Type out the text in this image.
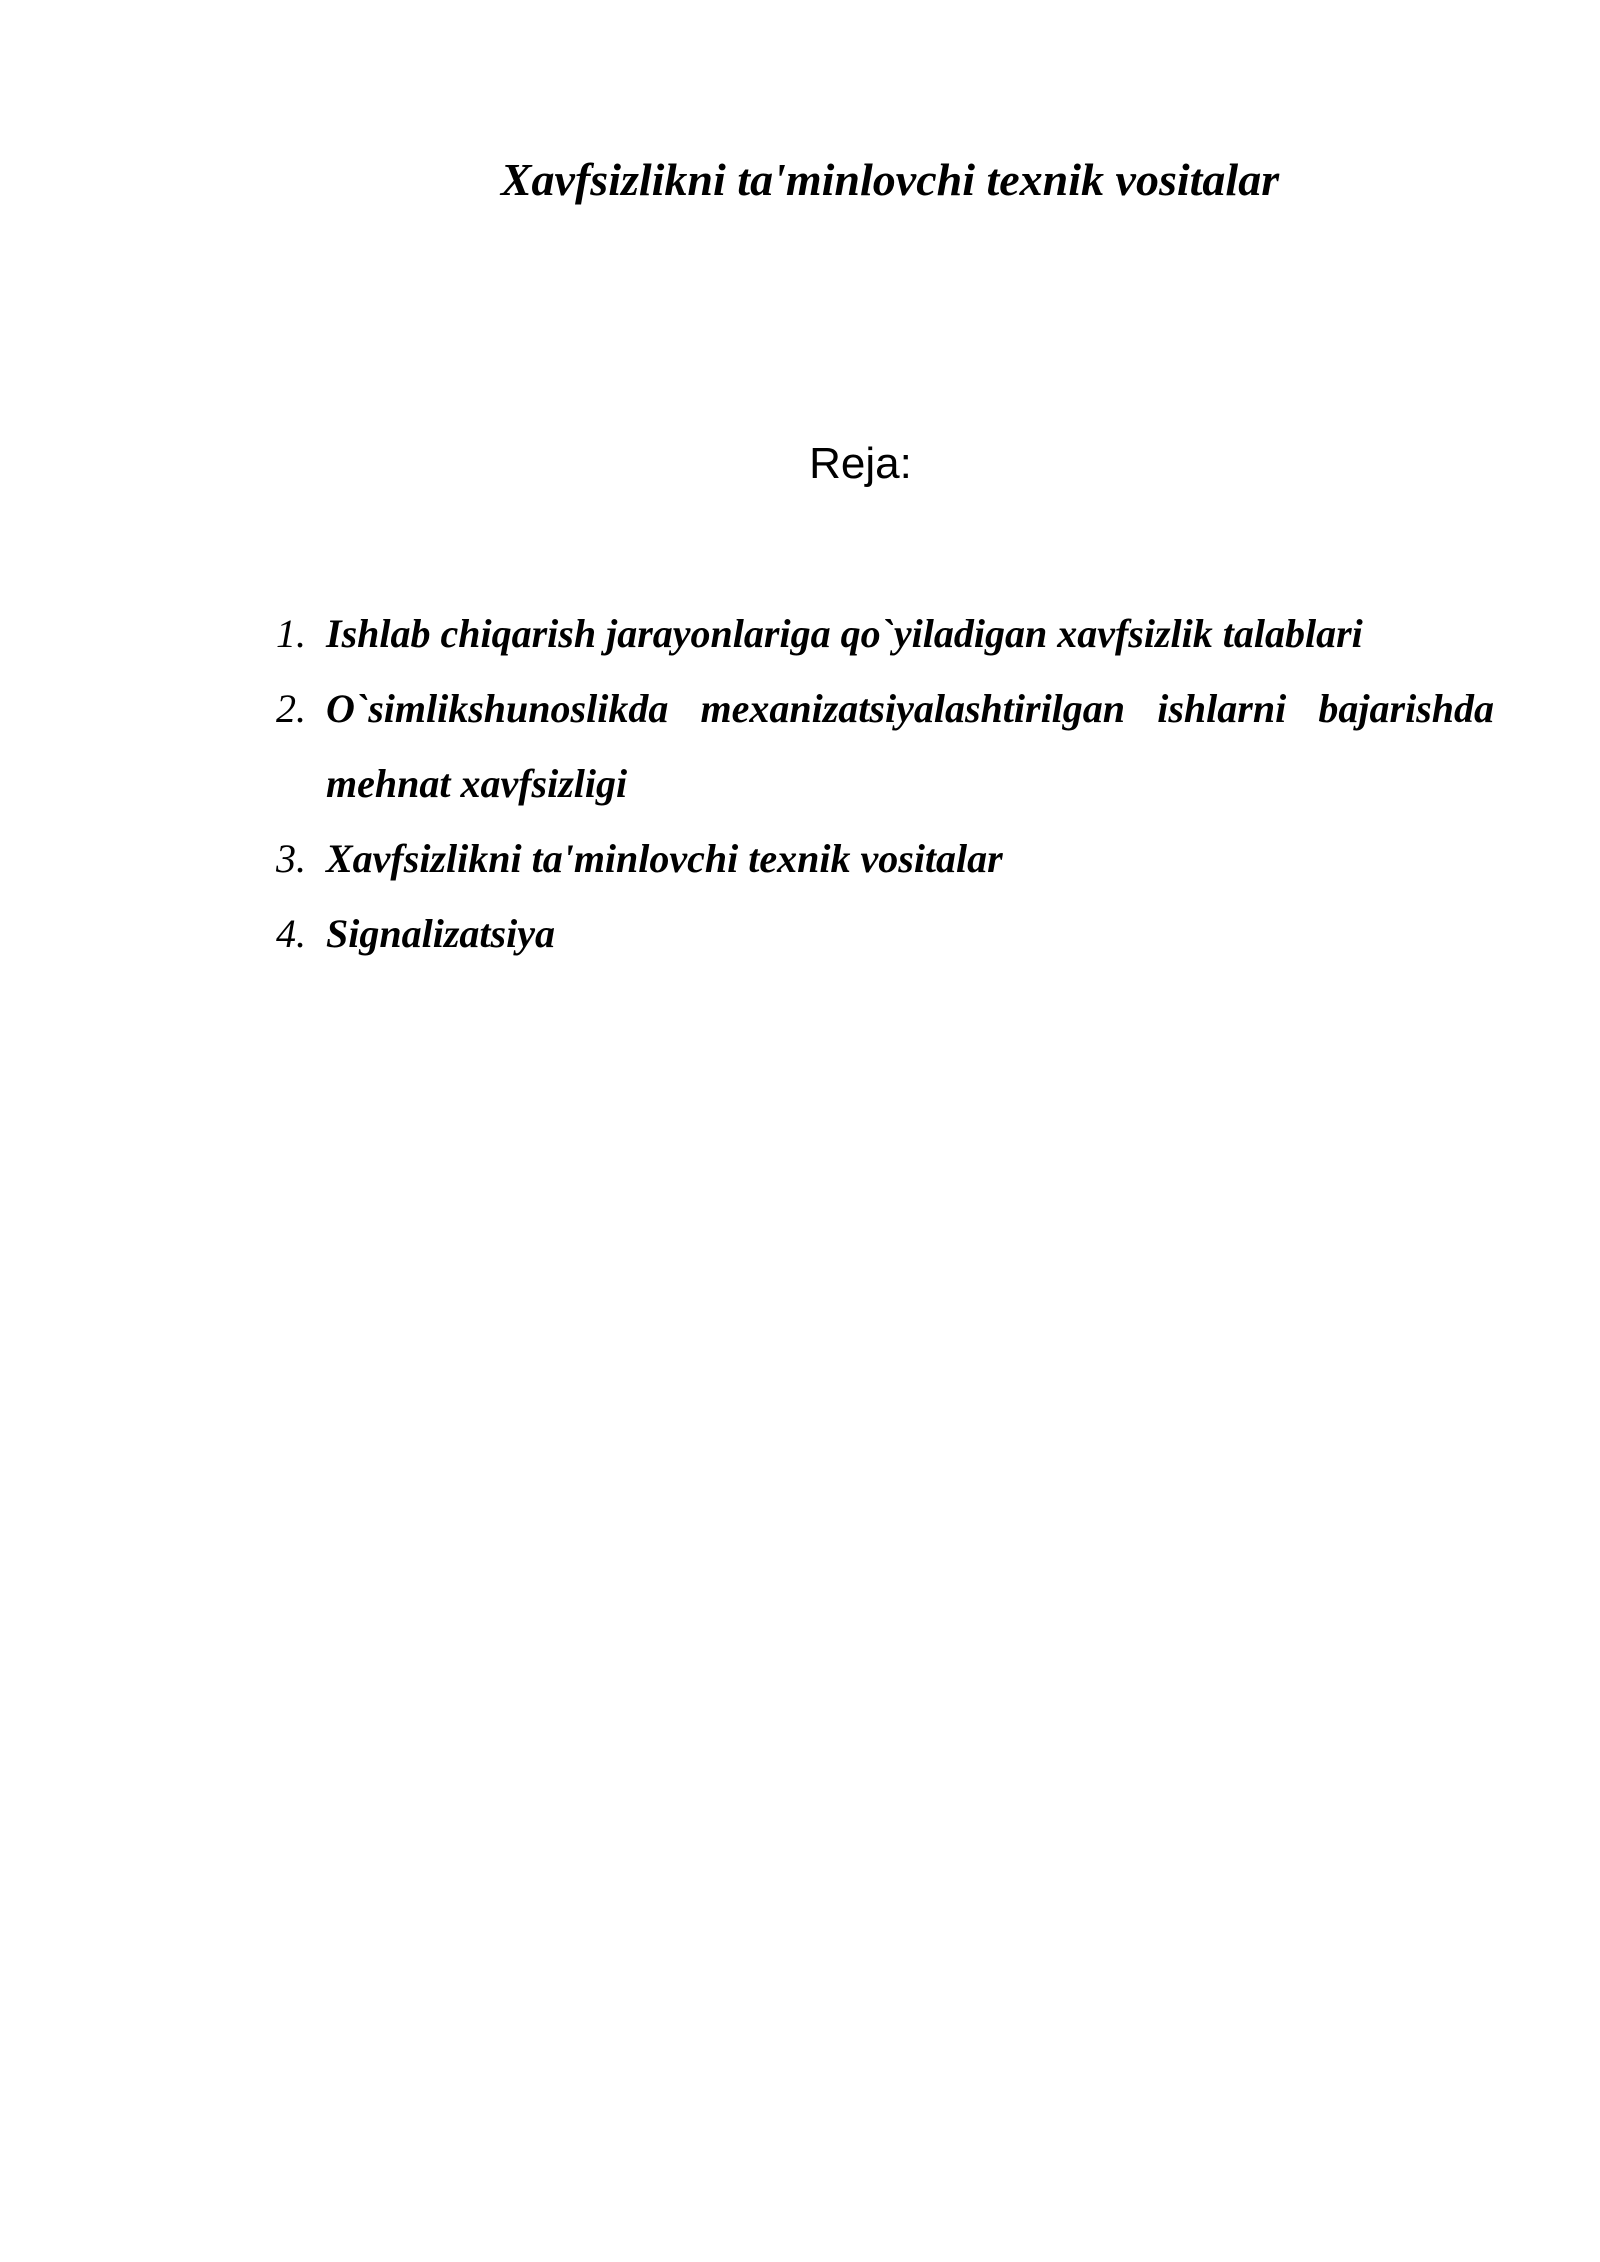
Xavfsizlikni ta'minlovchi texnik vositalar
Reja:
1. Ishlab chiqarish jarayonlariga qo`yiladigan xavfsizlik talablari
2. O`simlikshunoslikda mexanizatsiyalashtirilgan ishlarni bajarishda mehnat xavfsizligi
3. Xavfsizlikni ta'minlovchi texnik vositalar
4. Signalizatsiya
